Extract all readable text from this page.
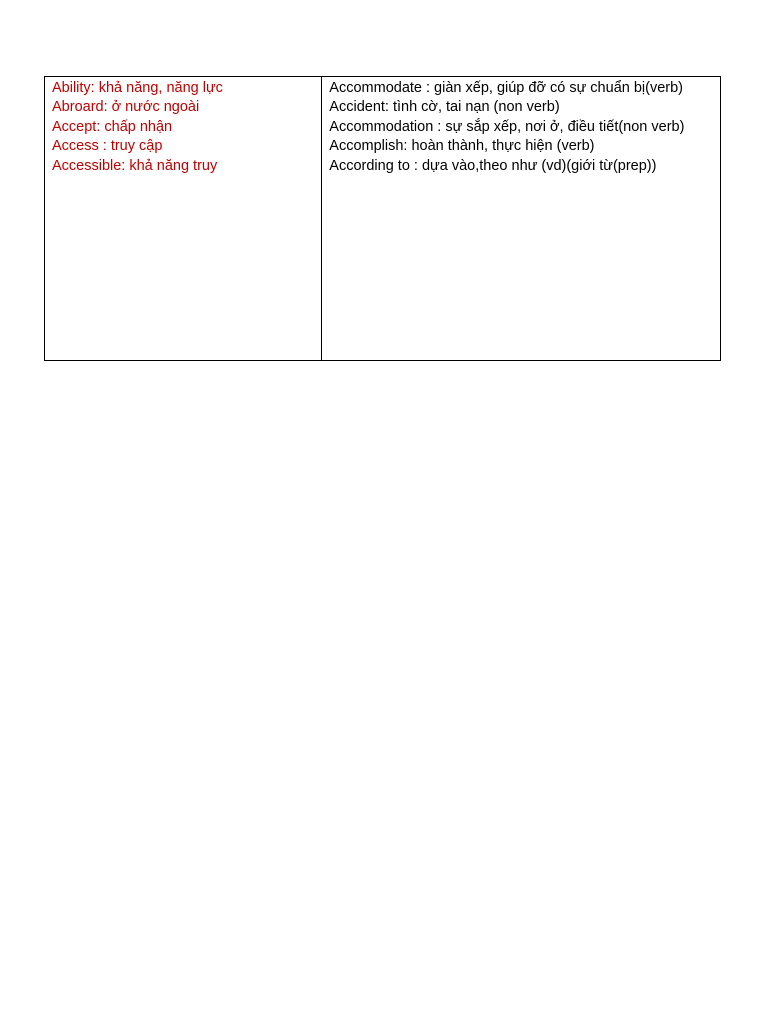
Ability: khả năng, năng lực
Abroard: ở nước ngoài
Accept: chấp nhận
Access : truy cập
Accessible: khả năng truy

Accommodate : giàn xếp, giúp đỡ có sự chuẩn bị(verb)
Accident: tình cờ, tai nạn (non verb)
Accommodation : sự sắp xếp, nơi ở, điều tiết(non verb)
Accomplish: hoàn thành, thực hiện (verb)
According to : dựa vào,theo như (vd)(giới từ(prep))
